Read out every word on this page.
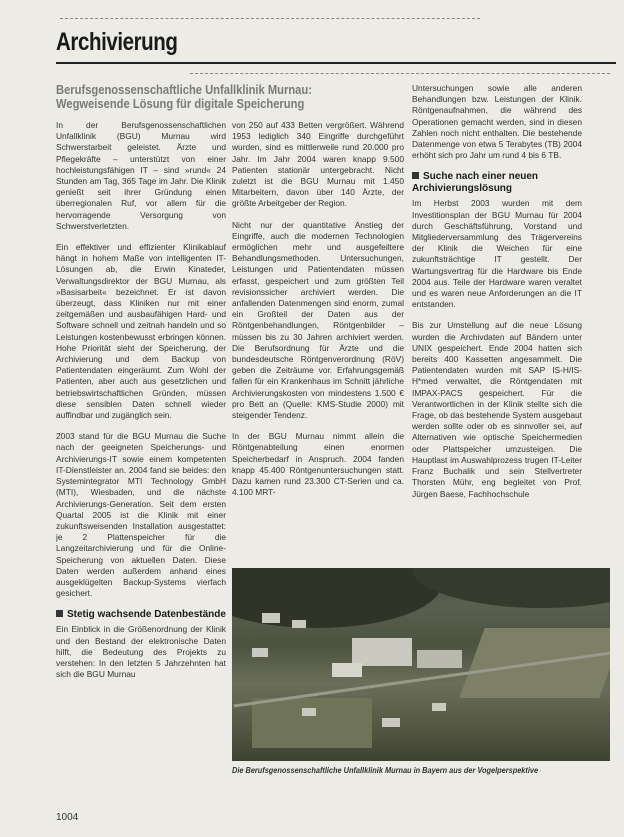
Archivierung
Berufsgenossenschaftliche Unfallklinik Murnau:
Wegweisende Lösung für digitale Speicherung

In der Berufsgenossenschaftlichen Unfallklinik (BGU) Murnau wird Schwerstarbeit geleistet. Ärzte und Pflegekräfte – unterstützt von einer hochleistungsfähigen IT – sind »rund« 24 Stunden am Tag, 365 Tage im Jahr. Die Klinik genießt seit ihrer Gründung einen überregionalen Ruf, vor allem für die hervorragende Versorgung von Schwerstverletzten.

Ein effektiver und effizienter Klinikablauf hängt in hohem Maße von intelligenten IT-Lösungen ab, die Erwin Kinateder, Verwaltungsdirektor der BGU Murnau, als »Basisarbeit« bezeichnet. Er ist davon überzeugt, dass Kliniken nur mit einer zeitgemäßen und ausbaufähigen Hard- und Software schnell und zeitnah handeln und so Leistungen kostenbewusst erbringen können. Hohe Priorität sieht der Speicherung, der Archivierung und dem Backup von Patientendaten eingeräumt. Zum Wohl der Patienten, aber auch aus gesetzlichen und betriebswirtschaftlichen Gründen, müssen diese sensiblen Daten schnell wieder auffindbar und zugänglich sein.

2003 stand für die BGU Murnau die Suche nach der geeigneten Speicherungs- und Archivierungs-IT sowie einem kompetenten IT-Dienstleister an. 2004 fand sie beides: den Systemintegrator MTI Technology GmbH (MTI), Wiesbaden, und die nächste Archivierungs-Generation. Seit dem ersten Quartal 2005 ist die Klinik mit einer zukunftsweisenden Installation ausgestattet: je 2 Plattenspeicher für die Langzeitarchivierung und für die Online-Speicherung von aktuellen Daten. Diese Daten werden außerdem anhand eines ausgeklügelten Backup-Systems vierfach gesichert.

Stetig wachsende Datenbestände

Ein Einblick in die Größenordnung der Klinik und den Bestand der elektronische Daten hilft, die Bedeutung des Projekts zu verstehen: In den letzten 5 Jahrzehnten hat sich die BGU Murnau

von 250 auf 433 Betten vergrößert. Während 1953 lediglich 340 Eingriffe durchgeführt wurden, sind es mittlerweile rund 20.000 pro Jahr. Im Jahr 2004 waren knapp 9.500 Patienten stationär untergebracht. Nicht zuletzt ist die BGU Murnau mit 1.450 Mitarbeitern, davon über 140 Ärzte, der größte Arbeitgeber der Region.

Nicht nur der quantitative Anstieg der Eingriffe, auch die modernen Technologien ermöglichen mehr und ausgefeiltere Behandlungsmethoden. Untersuchungen, Leistungen und Patientendaten müssen erfasst, gespeichert und zum größten Teil revisionssicher archiviert werden. Die anfallenden Datenmengen sind enorm, zumal ein Großteil der Daten aus der Röntgenbehandlungen, Röntgenbilder – müssen bis zu 30 Jahren archiviert werden. Die Berufsordnung für Ärzte und die bundesdeutsche Röntgenverordnung (RöV) geben die Zeiträume vor. Erfahrungsgemäß fallen für ein Krankenhaus im Schnitt jährliche Archivierungskosten von mindestens 1.500 € pro Bett an (Quelle: KMS-Studie 2000) mit steigender Tendenz.

In der BGU Murnau nimmt allein die Röntgenabteilung einen enormen Speicherbedarf in Anspruch. 2004 fanden knapp 45.400 Röntgenuntersuchungen statt. Dazu kamen rund 23.300 CT-Serien und ca. 4.100 MRT-

Untersuchungen sowie alle anderen Behandlungen bzw. Leistungen der Klinik. Röntgenaufnahmen, die während des Operationen gemacht werden, sind in diesen Zahlen noch nicht enthalten. Die bestehende Datenmenge von etwa 5 Terabytes (TB) 2004 erhöht sich pro Jahr um rund 4 bis 6 TB.

Suche nach einer neuen
Archivierungslösung

Im Herbst 2003 wurden mit dem Investitionsplan der BGU Murnau für 2004 durch Geschäftsführung, Vorstand und Mitgliederversammlung des Trägervereins der Klinik die Weichen für eine zukunftsträchtige IT gestellt. Der Wartungsvertrag für die Hardware bis Ende 2004 aus. Teile der Hardware waren veraltet und es waren neue Anforderungen an die IT entstanden.

Bis zur Umstellung auf die neue Lösung wurden die Archivdaten auf Bändern unter UNIX gespeichert. Ende 2004 hatten sich bereits 400 Kassetten angesammelt. Die Patientendaten wurden mit SAP IS-H/IS-H*med verwaltet, die Röntgendaten mit IMPAX-PACS gespeichert. Für die Verantwortlichen in der Klinik stellte sich die Frage, ob das bestehende System ausgebaut werden sollte oder ob es sinnvoller sei, auf Alternativen wie optische Speichermedien oder Plattspeicher umzusteigen. Die Hauptlast im Auswahlprozess trugen IT-Leiter Franz Buchalik und sein Stellvertreter Thorsten Mühr, eng begleitet von Prof. Jürgen Baese, Fachhochschule

Foto: BGU
Die Berufsgenossenschaftliche Unfallklinik Murnau in Bayern aus der Vogelperspektive
1004
